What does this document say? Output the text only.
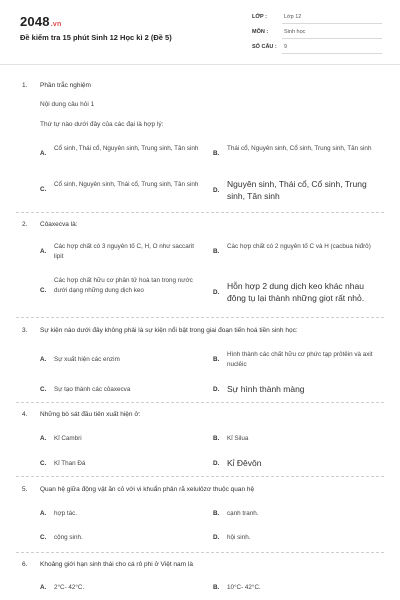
2048.vn
Đề kiểm tra 15 phút Sinh 12 Học kì 2 (Đề 5)
LỚP :	Lớp 12
MÔN :	Sinh học
SỐ CÂU : 9
1. Phần trắc nghiệm
Nội dung câu hỏi 1
Thứ tự nào dưới đây của các đại là hợp lý:
A.
Cổ sinh, Thái cổ, Nguyên sinh, Trung sinh, Tân sinh
B.
Thái cổ, Nguyên sinh, Cổ sinh, Trung sinh, Tân sinh
C.
Cổ sinh, Nguyên sinh, Thái cổ, Trung sinh, Tân sinh
D.
Nguyên sinh, Thái cổ, Cổ sinh, Trung sinh, Tân sinh
2. Côaxecva là:
A.
Các hợp chất có 3 nguyên tố C, H, O như saccarit lipit
B.
Các hợp chất có 2 nguyên tố C và H (cacbua hiđrô)
C.
Các hợp chất hữu cơ phân tử hoà tan trong nước dưới dạng những dung dịch keo	D.
Hỗn hợp 2 dung dịch keo khác nhau đông tụ lại thành những giọt rất nhỏ.
3. Sự kiện nào dưới đây không phải là sự kiện nổi bật trong giai đoạn tiến hoá tiền sinh học:
A. Sự xuất hiện các enzim	B.
Hình thành các chất hữu cơ phức tạp prôtêin và axit nuclêic
C. Sự tạo thành các côaxecva	D. Sự hình thành màng
4. Những bò sát đầu tiên xuất hiện ở:
A. Kỉ Cambri	B. Kỉ Silua
C. Kỉ Than Đá	D. Kỉ Đêvôn
5. Quan hệ giữa động vật ăn cỏ với vi khuẩn phân rã xelulôzơ thuộc quan hệ
A. hợp tác.	B. cạnh tranh.
C. cộng sinh.	D. hội sinh.
6. Khoảng giới hạn sinh thái cho cá rô phi ở Việt nam là
A. 2°C- 42°C.	B. 10°C- 42°C.
